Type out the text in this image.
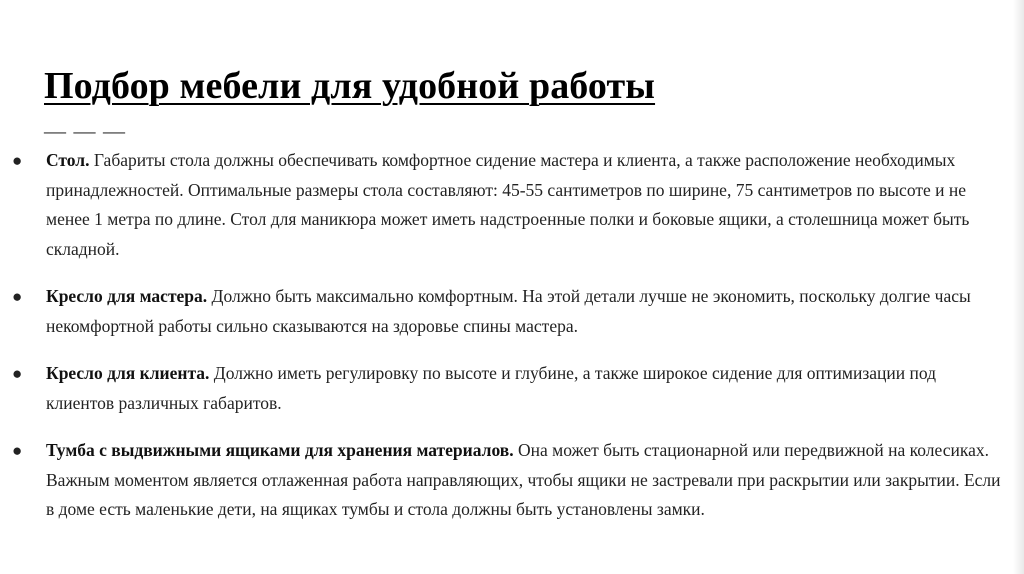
Подбор мебели для удобной работы
— — —
● Стол. Габариты стола должны обеспечивать комфортное сидение мастера и клиента, а также расположение необходимых принадлежностей. Оптимальные размеры стола составляют: 45-55 сантиметров по ширине, 75 сантиметров по высоте и не менее 1 метра по длине. Стол для маникюра может иметь надстроенные полки и боковые ящики, а столешница может быть складной.
● Кресло для мастера. Должно быть максимально комфортным. На этой детали лучше не экономить, поскольку долгие часы некомфортной работы сильно сказываются на здоровье спины мастера.
● Кресло для клиента. Должно иметь регулировку по высоте и глубине, а также широкое сидение для оптимизации под клиентов различных габаритов.
● Тумба с выдвижными ящиками для хранения материалов. Она может быть стационарной или передвижной на колесиках. Важным моментом является отлаженная работа направляющих, чтобы ящики не застревали при раскрытии или закрытии. Если в доме есть маленькие дети, на ящиках тумбы и стола должны быть установлены замки.
